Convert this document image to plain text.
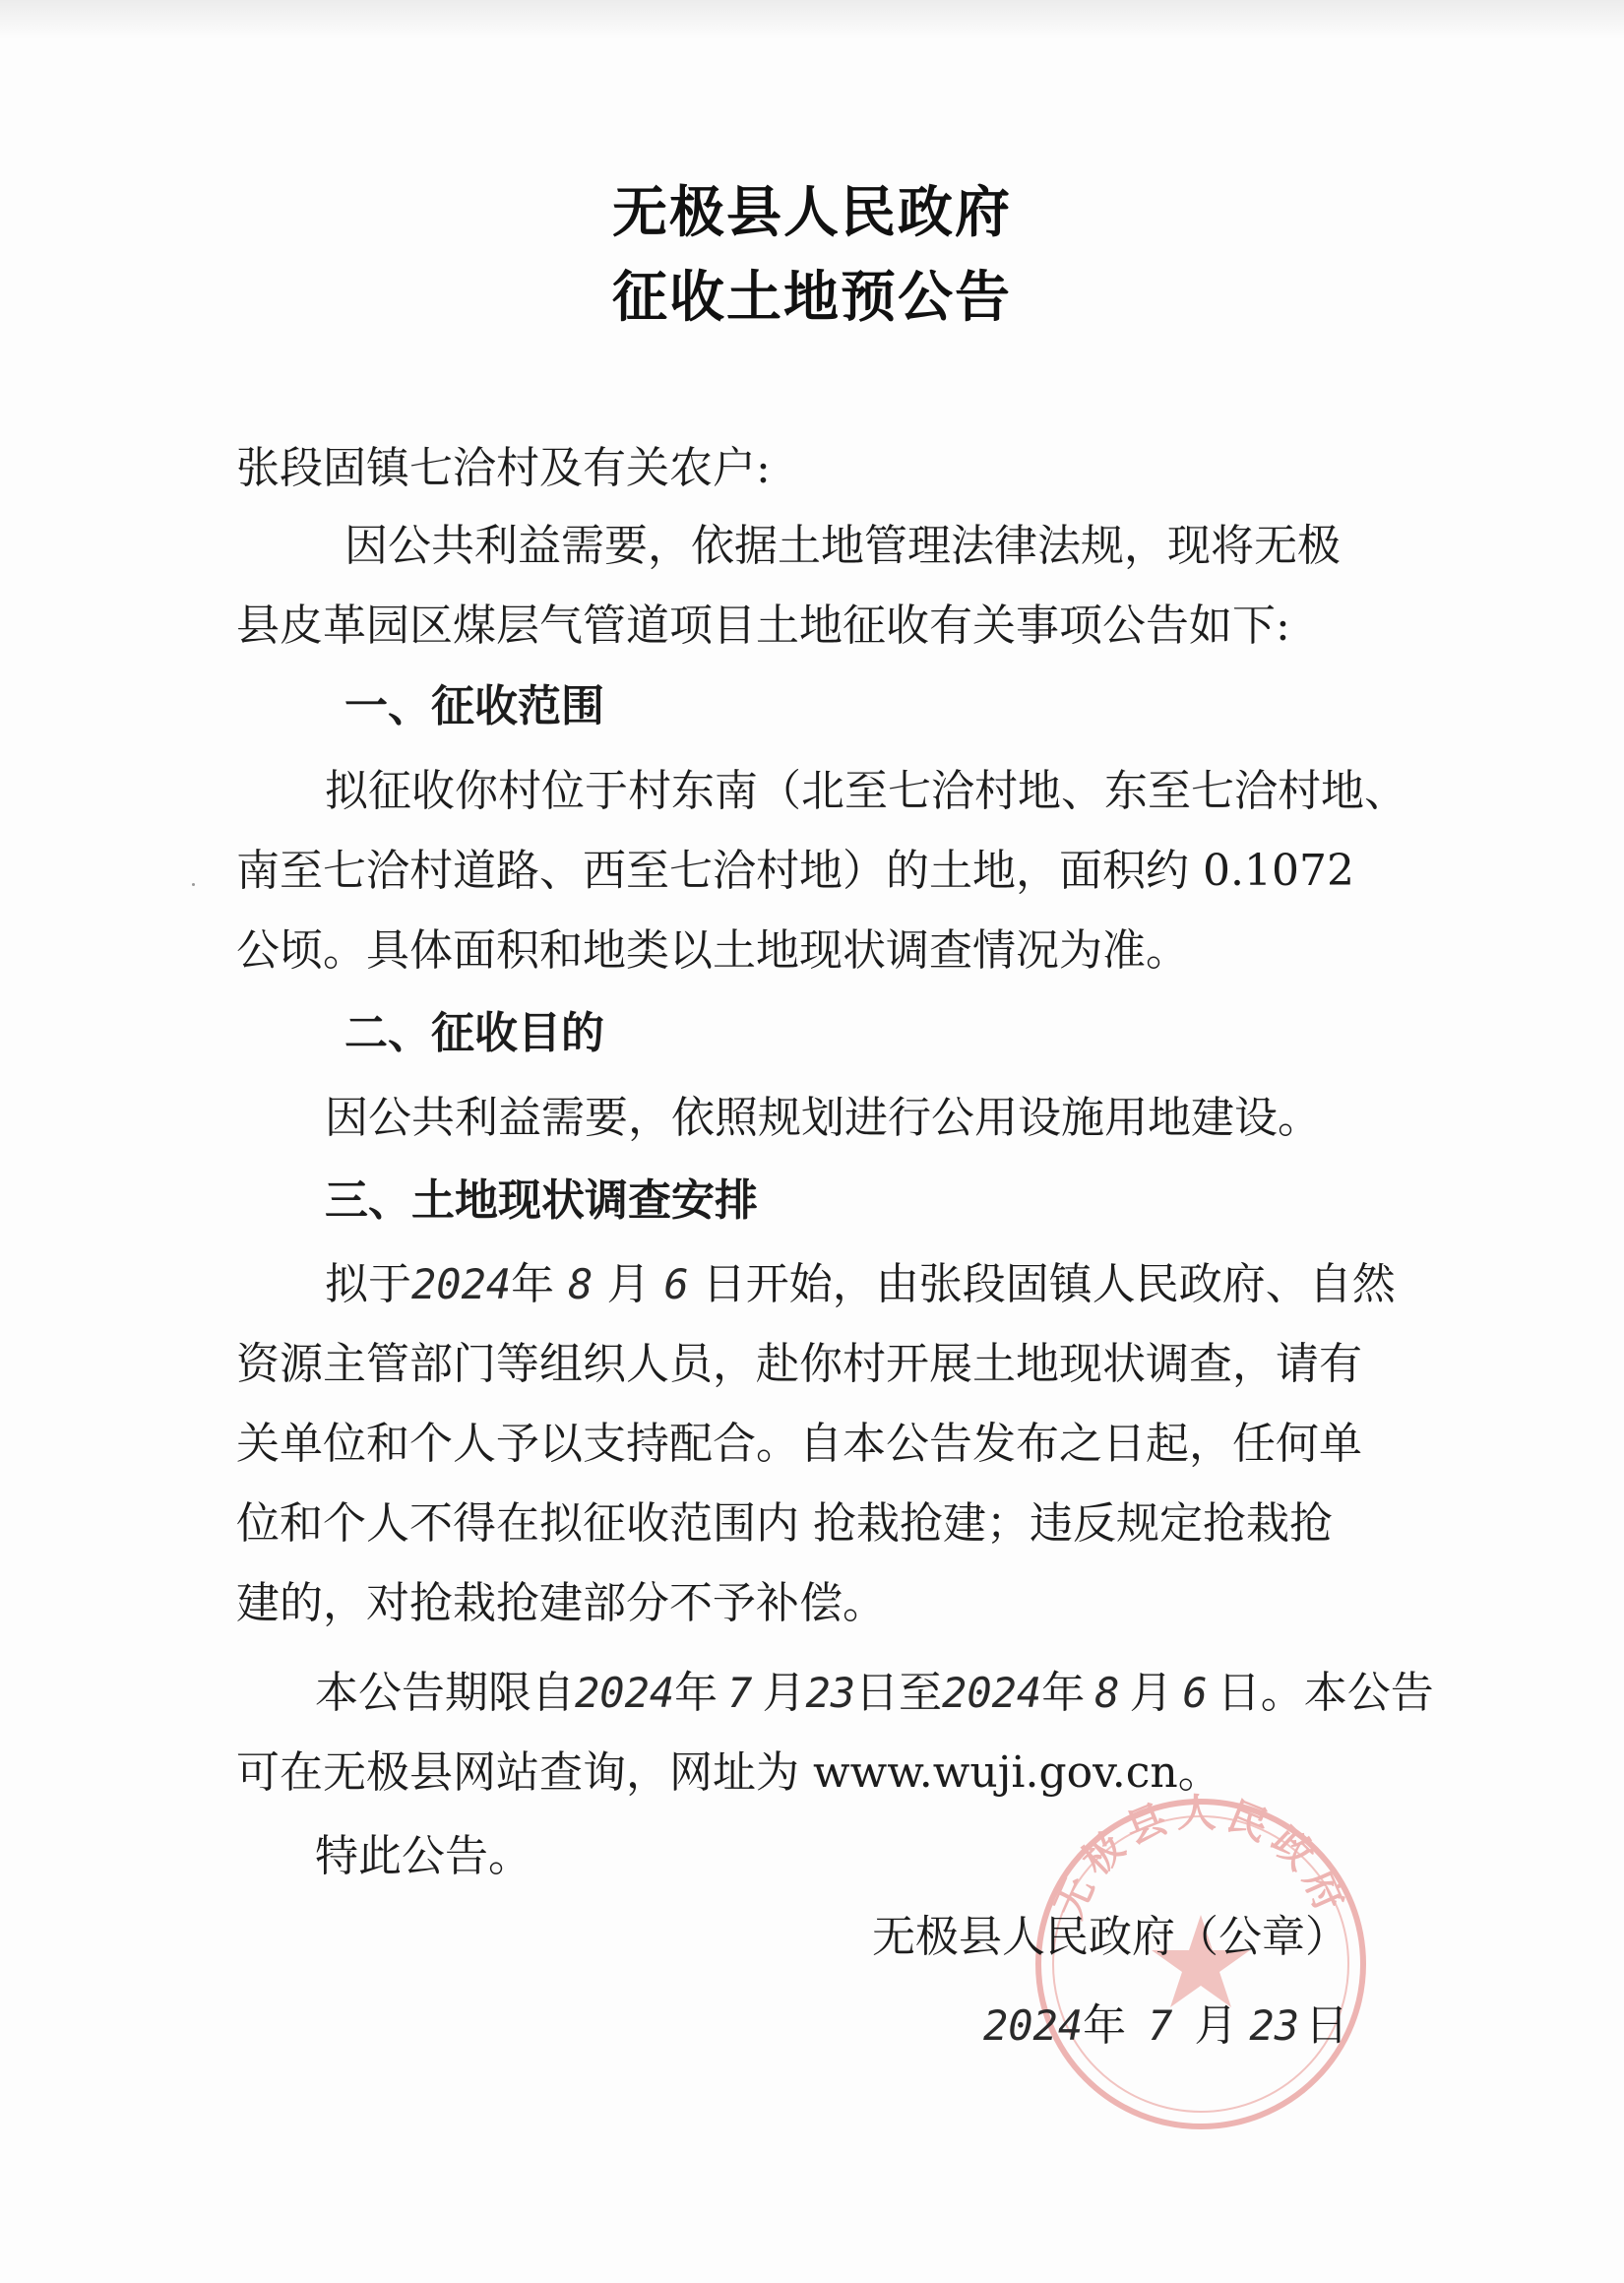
无极县人民政府
征收土地预公告
张段固镇七洽村及有关农户:
因公共利益需要，依据土地管理法律法规，现将无极
县皮革园区煤层气管道项目土地征收有关事项公告如下:
一、征收范围
拟征收你村位于村东南（北至七洽村地、东至七洽村地、
南至七洽村道路、西至七洽村地）的土地，面积约 0.1072
公顷。具体面积和地类以土地现状调查情况为准。
二、征收目的
因公共利益需要，依照规划进行公用设施用地建设。
三、土地现状调查安排
拟于2024年 8 月 6 日开始，由张段固镇人民政府、自然
资源主管部门等组织人员，赴你村开展土地现状调查，请有
关单位和个人予以支持配合。自本公告发布之日起，任何单
位和个人不得在拟征收范围内 抢栽抢建；违反规定抢栽抢
建的，对抢栽抢建部分不予补偿。
本公告期限自2024年 7 月23日至2024年 8 月 6 日。本公告
可在无极县网站查询，网址为 www.wuji.gov.cn。
特此公告。
无极县人民政府
无极县人民政府（公章）
2024年 7 月 23 日
